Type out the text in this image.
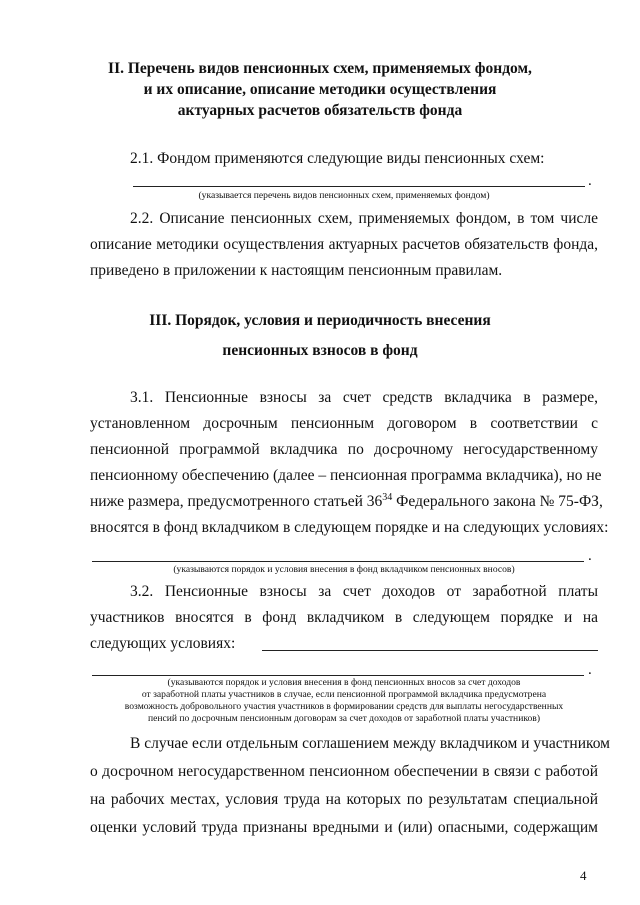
II. Перечень видов пенсионных схем, применяемых фондом,
и их описание, описание методики осуществления
актуарных расчетов обязательств фонда
2.1. Фондом применяются следующие виды пенсионных схем:
.
(указывается перечень видов пенсионных схем, применяемых фондом)
2.2. Описание пенсионных схем, применяемых фондом, в том числе
описание методики осуществления актуарных расчетов обязательств фонда,
приведено в приложении к настоящим пенсионным правилам.
III. Порядок, условия и периодичность внесения
пенсионных взносов в фонд
3.1. Пенсионные взносы за счет средств вкладчика в размере,
установленном досрочным пенсионным договором в соответствии с
пенсионной программой вкладчика по досрочному негосударственному
пенсионному обеспечению (далее – пенсионная программа вкладчика), но не
ниже размера, предусмотренного статьей $36^{34}$ Федерального закона № 75-ФЗ,
вносятся в фонд вкладчиком в следующем порядке и на следующих условиях:
.
(указываются порядок и условия внесения в фонд вкладчиком пенсионных вносов)
3.2. Пенсионные взносы за счет доходов от заработной платы
участников вносятся в фонд вкладчиком в следующем порядке и на
следующих условиях:
.
(указываются порядок и условия внесения в фонд пенсионных вносов за счет доходов
от заработной платы участников в случае, если пенсионной программой вкладчика предусмотрена
возможность добровольного участия участников в формировании средств для выплаты негосударственных
пенсий по досрочным пенсионным договорам за счет доходов от заработной платы участников)
В случае если отдельным соглашением между вкладчиком и участником
о досрочном негосударственном пенсионном обеспечении в связи с работой
на рабочих местах, условия труда на которых по результатам специальной
оценки условий труда признаны вредными и (или) опасными, содержащим
4
